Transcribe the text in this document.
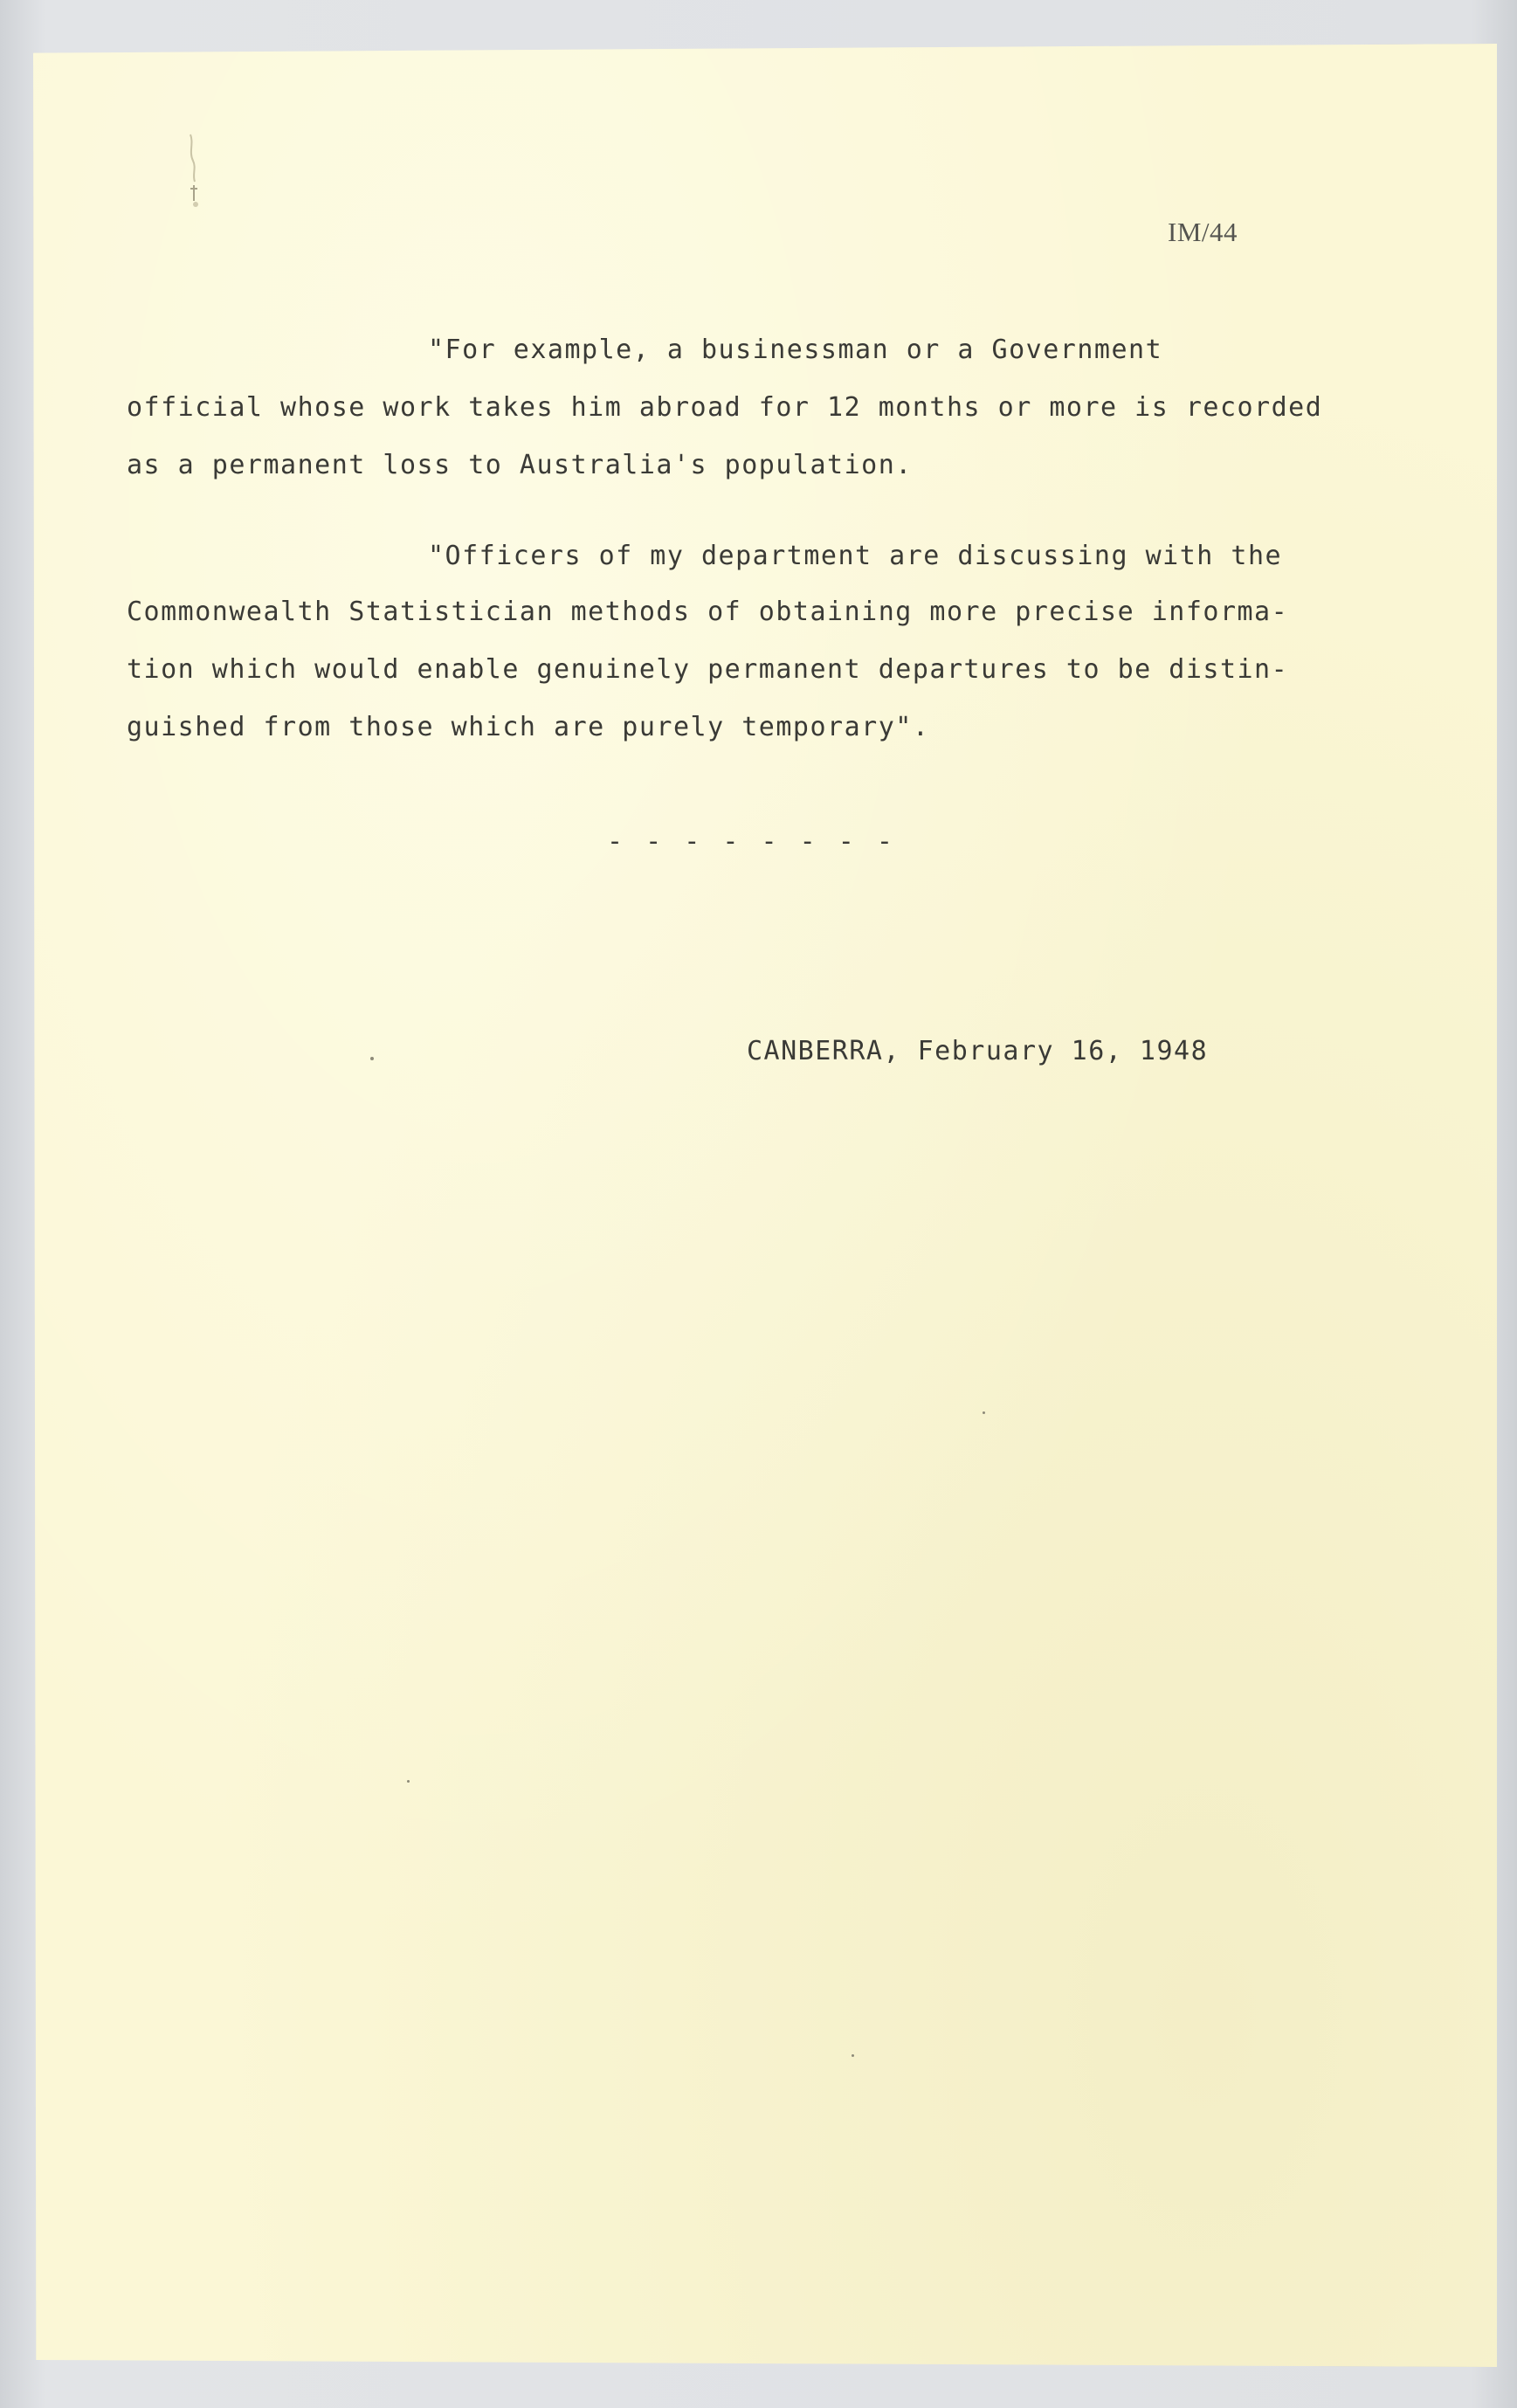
IM/44
"For example, a businessman or a Government
official whose work takes him abroad for 12 months or more is recorded
as a permanent loss to Australia's population.
"Officers of my department are discussing with the
Commonwealth Statistician methods of obtaining more precise informa-
tion which would enable genuinely permanent departures to be distin-
guished from those which are purely temporary".
- - - - - - - -
CANBERRA, February 16, 1948
